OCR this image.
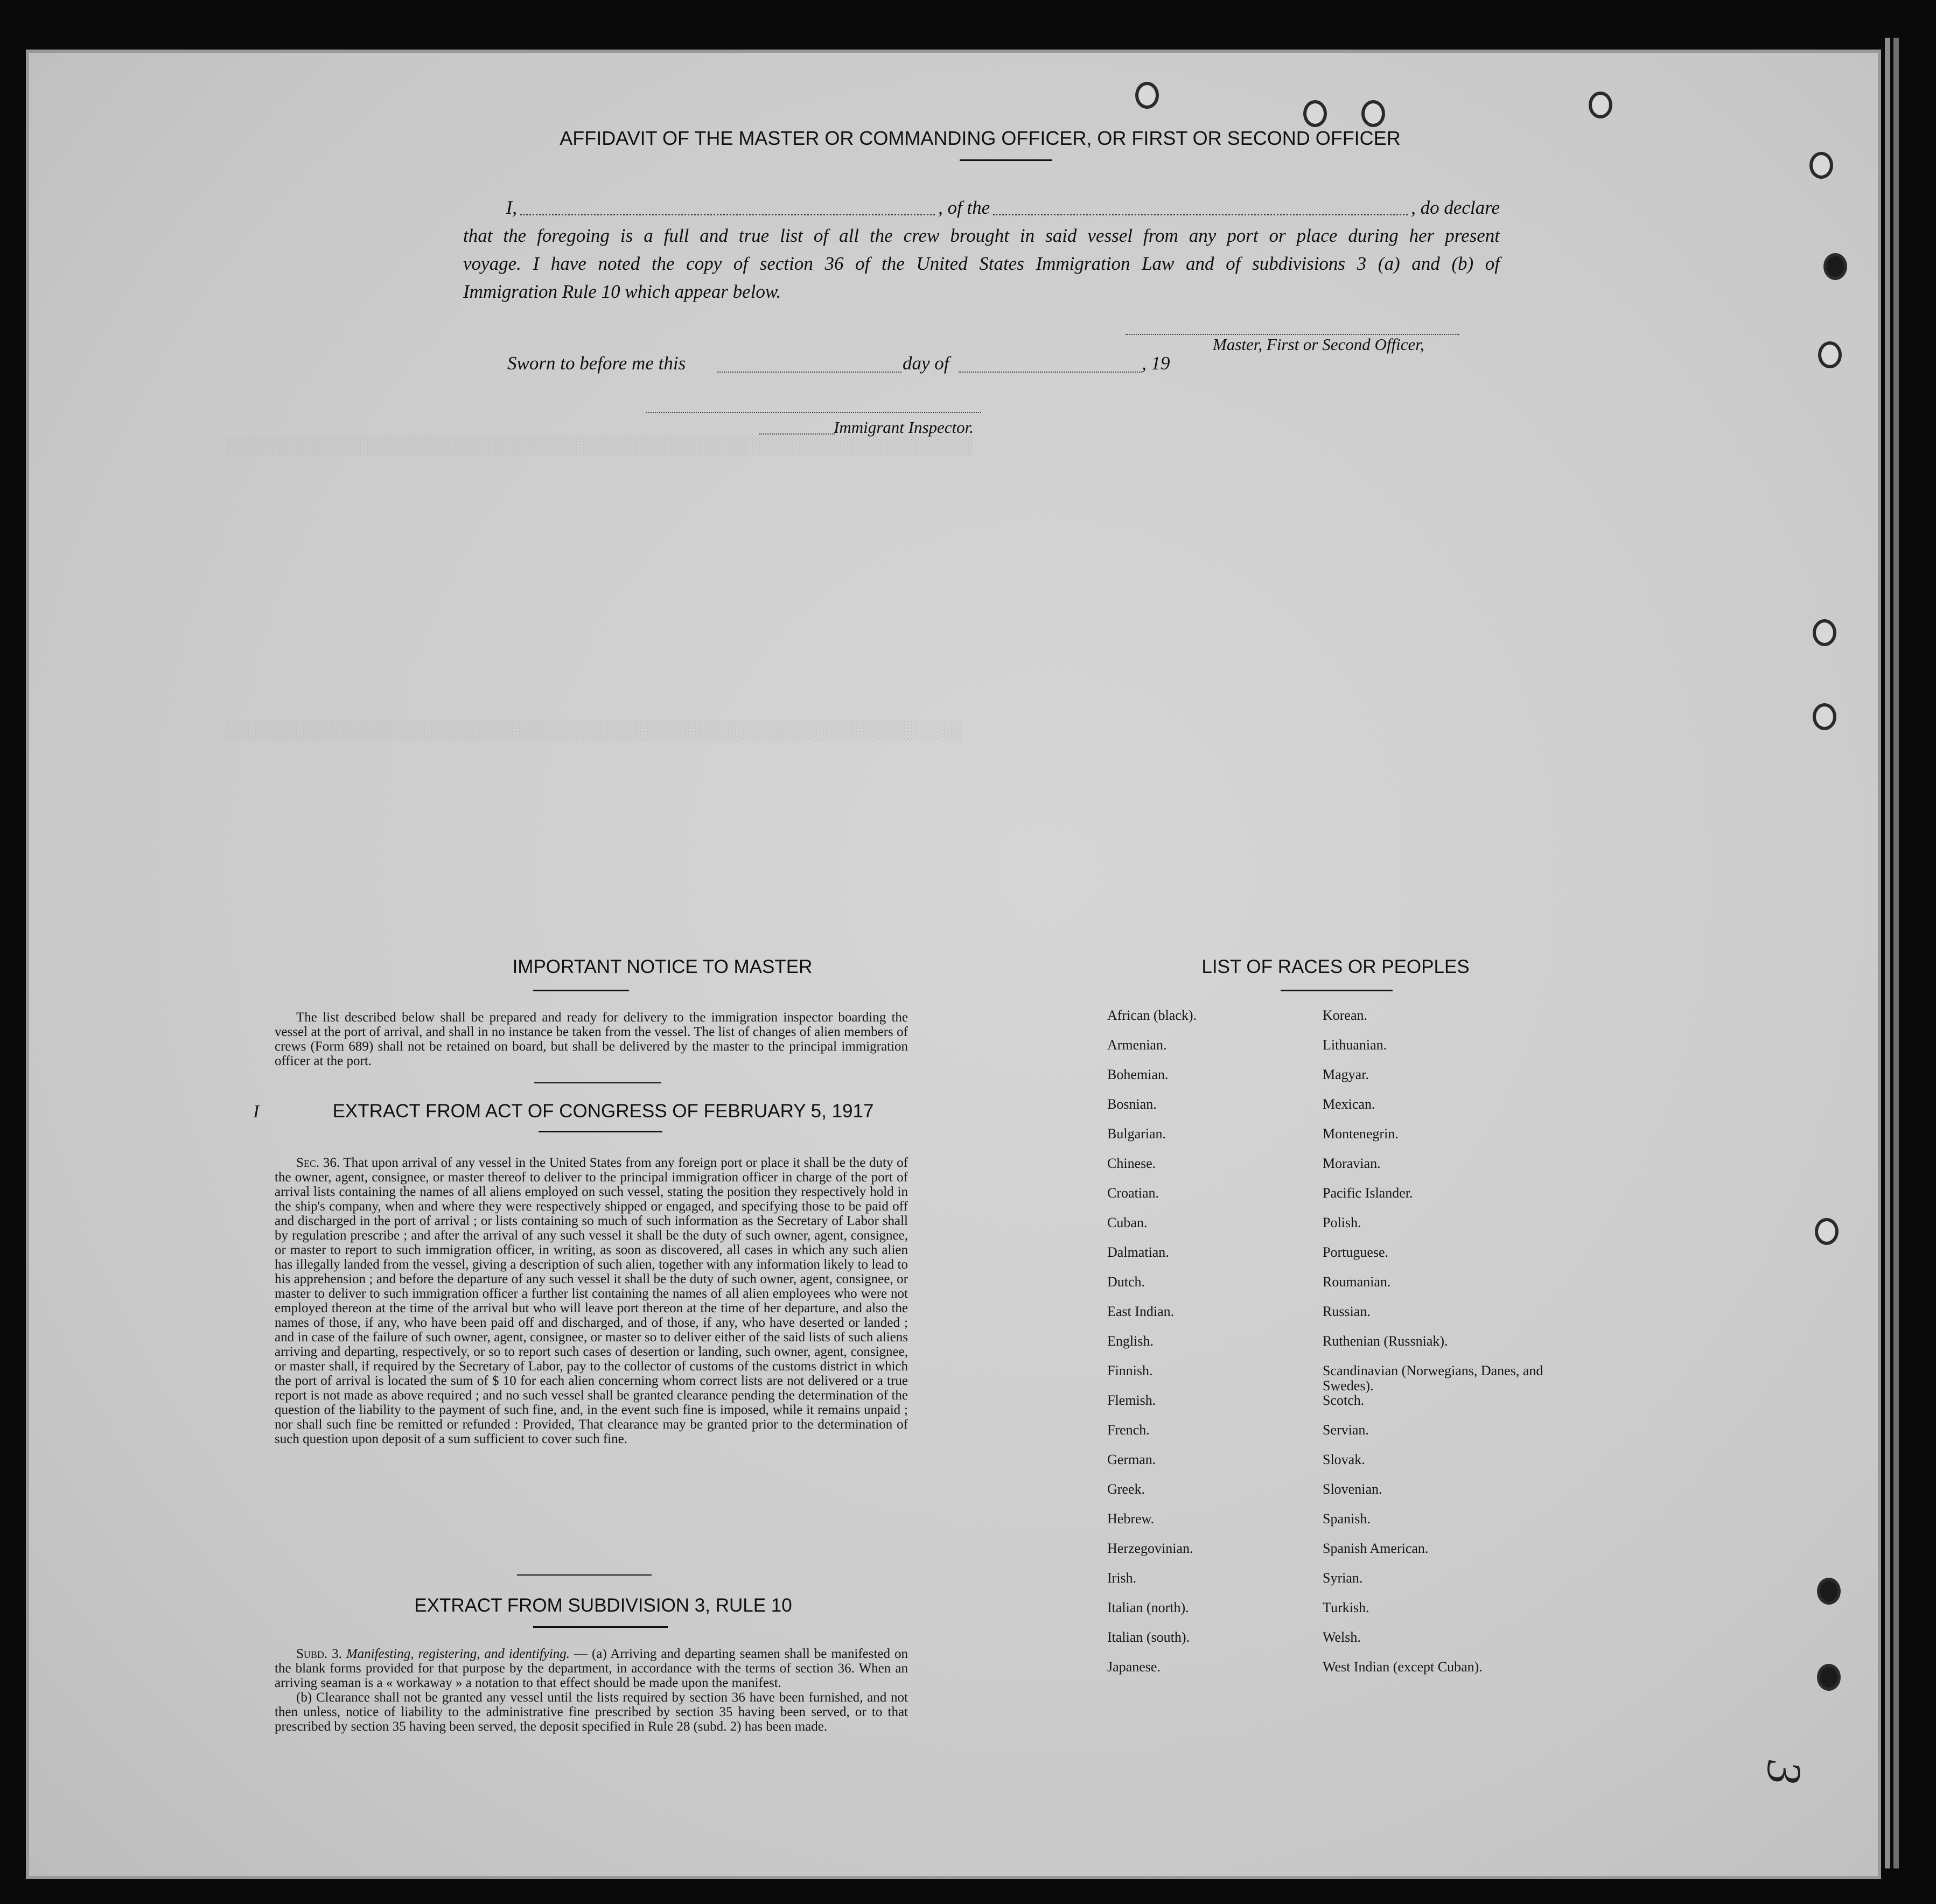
░░░░░░░░░░░░░░░░░░░░░░░░░░░░░░░░░░░░░░░░░░░░░░░░░░░░░░░░░░░░░░░░░░░░
░░░░░░░░░░░░░░░░░░░░░░░░░░░░░░░░░░░░░░░░░░░░░░░░░░░░░░░░░░░░░░░░░░░
AFFIDAVIT OF THE MASTER OR COMMANDING OFFICER, OR FIRST OR SECOND OFFICER
I,	, of the	, do declare
that the foregoing is a full and true list of all the crew brought in said vessel from any port or place during her present
voyage. I have noted the copy of section 36 of the United States Immigration Law and of subdivisions 3 (a) and (b) of
Immigration Rule 10 which appear below.
Master, First or Second Officer,
Sworn to before me this	day of	, 19
Immigrant Inspector.
IMPORTANT NOTICE TO MASTER

The list described below shall be prepared and ready for delivery to the immigration inspector boarding the vessel at the port of arrival, and shall in no instance be taken from the vessel. The list of changes of alien members of crews (Form 689) shall not be retained on board, but shall be delivered by the master to the principal immigration officer at the port.

I	EXTRACT FROM ACT OF CONGRESS OF FEBRUARY 5, 1917

Sec. 36. That upon arrival of any vessel in the United States from any foreign port or place it shall be the duty of the owner, agent, consignee, or master thereof to deliver to the principal immigration officer in charge of the port of arrival lists containing the names of all aliens employed on such vessel, stating the position they respectively hold in the ship's company, when and where they were respectively shipped or engaged, and specifying those to be paid off and discharged in the port of arrival ; or lists containing so much of such information as the Secretary of Labor shall by regulation prescribe ; and after the arrival of any such vessel it shall be the duty of such owner, agent, consignee, or master to report to such immigration officer, in writing, as soon as discovered, all cases in which any such alien has illegally landed from the vessel, giving a description of such alien, together with any information likely to lead to his apprehension ; and before the departure of any such vessel it shall be the duty of such owner, agent, consignee, or master to deliver to such immigration officer a further list containing the names of all alien employees who were not employed thereon at the time of the arrival but who will leave port thereon at the time of her departure, and also the names of those, if any, who have been paid off and discharged, and of those, if any, who have deserted or landed ; and in case of the failure of such owner, agent, consignee, or master so to deliver either of the said lists of such aliens arriving and departing, respectively, or so to report such cases of desertion or landing, such owner, agent, consignee, or master shall, if required by the Secretary of Labor, pay to the collector of customs of the customs district in which the port of arrival is located the sum of $ 10 for each alien concerning whom correct lists are not delivered or a true report is not made as above required ; and no such vessel shall be granted clearance pending the determination of the question of the liability to the payment of such fine, and, in the event such fine is imposed, while it remains unpaid ; nor shall such fine be remitted or refunded : Provided, That clearance may be granted prior to the determination of such question upon deposit of a sum sufficient to cover such fine.

EXTRACT FROM SUBDIVISION 3, RULE 10

Subd. 3. Manifesting, registering, and identifying. — (a) Arriving and departing seamen shall be manifested on the blank forms provided for that purpose by the department, in accordance with the terms of section 36. When an arriving seaman is a « workaway » a notation to that effect should be made upon the manifest.

(b) Clearance shall not be granted any vessel until the lists required by section 36 have been furnished, and not then unless, notice of liability to the administrative fine prescribed by section 35 having been served, or to that prescribed by section 35 having been served, the deposit specified in Rule 28 (subd. 2) has been made.

LIST OF RACES OR PEOPLES
African (black).
Armenian.
Bohemian.
Bosnian.
Bulgarian.
Chinese.
Croatian.
Cuban.
Dalmatian.
Dutch.
East Indian.
English.
Finnish.
Flemish.
French.
German.
Greek.
Hebrew.
Herzegovinian.
Irish.
Italian (north).
Italian (south).
Japanese.
Korean.
Lithuanian.
Magyar.
Mexican.
Montenegrin.
Moravian.
Pacific Islander.
Polish.
Portuguese.
Roumanian.
Russian.
Ruthenian (Russniak).
Scandinavian (Norwegians, Danes, and Swedes).
Scotch.
Servian.
Slovak.
Slovenian.
Spanish.
Spanish American.
Syrian.
Turkish.
Welsh.
West Indian (except Cuban).
3
